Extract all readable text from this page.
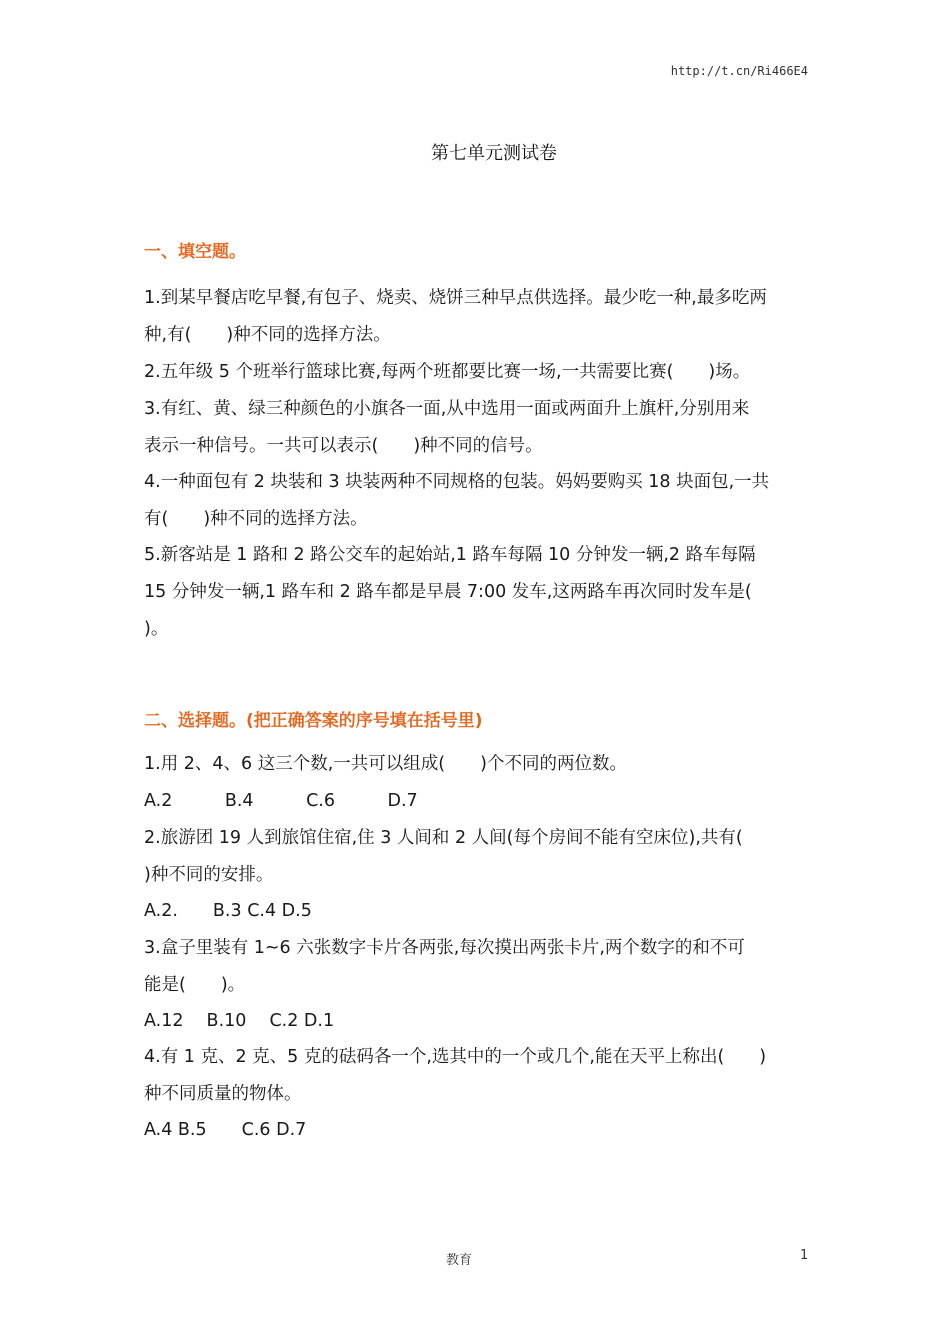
http://t.cn/Ri466E4
第七单元测试卷
一、填空题。

1.到某早餐店吃早餐,有包子、烧卖、烧饼三种早点供选择。最少吃一种,最多吃两

种,有(　　)种不同的选择方法。

2.五年级 5 个班举行篮球比赛,每两个班都要比赛一场,一共需要比赛(　　)场。

3.有红、黄、绿三种颜色的小旗各一面,从中选用一面或两面升上旗杆,分别用来

表示一种信号。一共可以表示(　　)种不同的信号。

4.一种面包有 2 块装和 3 块装两种不同规格的包装。妈妈要购买 18 块面包,一共

有(　　)种不同的选择方法。

5.新客站是 1 路和 2 路公交车的起始站,1 路车每隔 10 分钟发一辆,2 路车每隔

15 分钟发一辆,1 路车和 2 路车都是早晨 7:00 发车,这两路车再次同时发车是(

)。

二、选择题。(把正确答案的序号填在括号里)

1.用 2、4、6 这三个数,一共可以组成(　　)个不同的两位数。

A.2　　　B.4　　　C.6　　　D.7

2.旅游团 19 人到旅馆住宿,住 3 人间和 2 人间(每个房间不能有空床位),共有(

)种不同的安排。

A.2.　　B.3 C.4 D.5

3.盒子里装有 1~6 六张数字卡片各两张,每次摸出两张卡片,两个数字的和不可

能是(　　)。

A.12　 B.10　 C.2 D.1

4.有 1 克、2 克、5 克的砝码各一个,选其中的一个或几个,能在天平上称出(　　)

种不同质量的物体。

A.4 B.5　　C.6 D.7
教育	1
